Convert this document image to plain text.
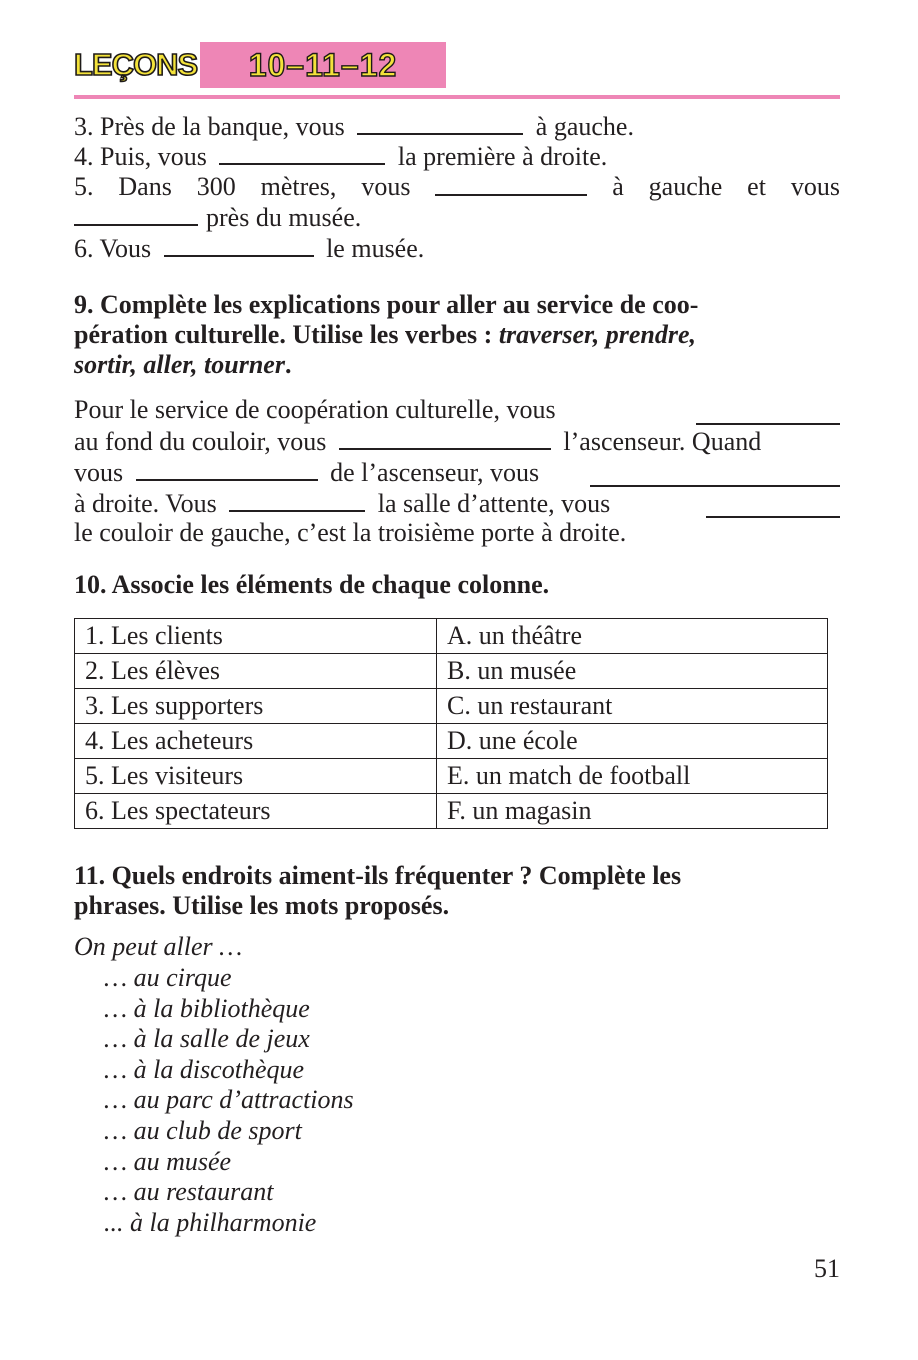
LEÇONS	10–11–12
3. Près de la banque, vous	à gauche.
4. Puis, vous	la première à droite.
5. Dans 300 mètres, vous	à gauche et vous
près du musée.
6. Vous	le musée.
9. Complète les explications pour aller au service de coo-
pération culturelle. Utilise les verbes : traverser, prendre,
sortir, aller, tourner.
Pour le service de coopération culturelle, vous
au fond du couloir, vous	l’ascenseur. Quand
vous	de l’ascenseur, vous
à droite. Vous	la salle d’attente, vous
le couloir de gauche, c’est la troisième porte à droite.
10. Associe les éléments de chaque colonne.
1. Les clients	A. un théâtre
2. Les élèves	B. un musée
3. Les supporters	C. un restaurant
4. Les acheteurs	D. une école
5. Les visiteurs	E. un match de football
6. Les spectateurs	F. un magasin
11. Quels endroits aiment-ils fréquenter ? Complète les
phrases. Utilise les mots proposés.
On peut aller …
… au cirque
… à la bibliothèque
… à la salle de jeux
… à la discothèque
… au parc d’attractions
… au club de sport
… au musée
… au restaurant
... à la philharmonie
51
